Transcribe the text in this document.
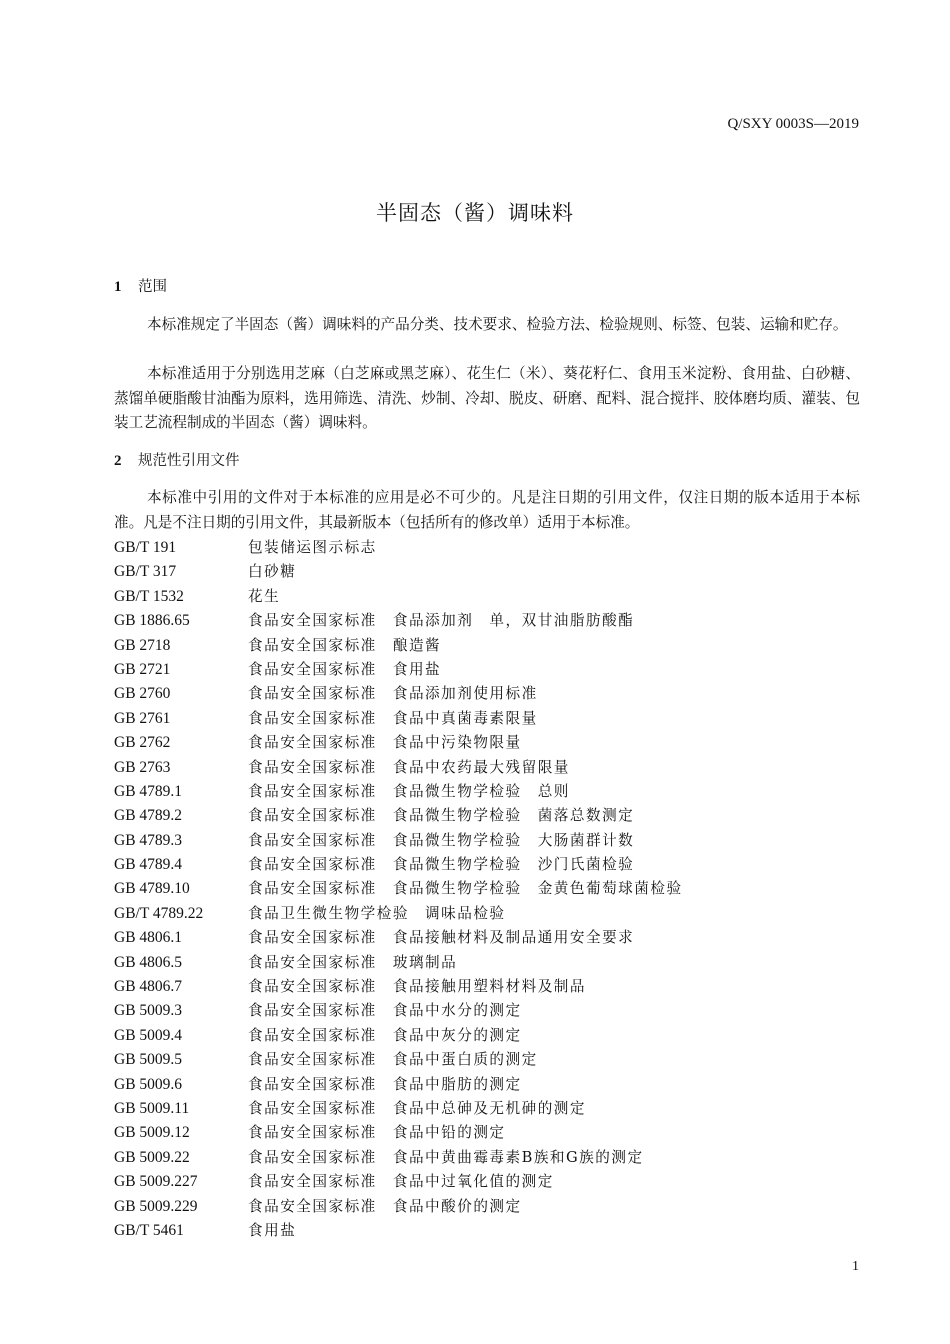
Q/SXY 0003S—2019
半固态（酱）调味料
1 范围

本标准规定了半固态（酱）调味料的产品分类、技术要求、检验方法、检验规则、标签、包装、运输和贮存。

本标准适用于分别选用芝麻（白芝麻或黑芝麻）、花生仁（米）、葵花籽仁、食用玉米淀粉、食用盐、白砂糖、蒸馏单硬脂酸甘油酯为原料，选用筛选、清洗、炒制、冷却、脱皮、研磨、配料、混合搅拌、胶体磨均质、灌装、包装工艺流程制成的半固态（酱）调味料。

2 规范性引用文件

本标准中引用的文件对于本标准的应用是必不可少的。凡是注日期的引用文件，仅注日期的版本适用于本标准。凡是不注日期的引用文件，其最新版本（包括所有的修改单）适用于本标准。

GB/T 191	包装储运图示标志
GB/T 317	白砂糖
GB/T 1532	花生
GB 1886.65	食品安全国家标准　食品添加剂　单，双甘油脂肪酸酯
GB 2718	食品安全国家标准　酿造酱
GB 2721	食品安全国家标准　食用盐
GB 2760	食品安全国家标准　食品添加剂使用标准
GB 2761	食品安全国家标准　食品中真菌毒素限量
GB 2762	食品安全国家标准　食品中污染物限量
GB 2763	食品安全国家标准　食品中农药最大残留限量
GB 4789.1	食品安全国家标准　食品微生物学检验　总则
GB 4789.2	食品安全国家标准　食品微生物学检验　菌落总数测定
GB 4789.3	食品安全国家标准　食品微生物学检验　大肠菌群计数
GB 4789.4	食品安全国家标准　食品微生物学检验　沙门氏菌检验
GB 4789.10	食品安全国家标准　食品微生物学检验　金黄色葡萄球菌检验
GB/T 4789.22	食品卫生微生物学检验　调味品检验
GB 4806.1	食品安全国家标准　食品接触材料及制品通用安全要求
GB 4806.5	食品安全国家标准　玻璃制品
GB 4806.7	食品安全国家标准　食品接触用塑料材料及制品
GB 5009.3	食品安全国家标准　食品中水分的测定
GB 5009.4	食品安全国家标准　食品中灰分的测定
GB 5009.5	食品安全国家标准　食品中蛋白质的测定
GB 5009.6	食品安全国家标准　食品中脂肪的测定
GB 5009.11	食品安全国家标准　食品中总砷及无机砷的测定
GB 5009.12	食品安全国家标准　食品中铅的测定
GB 5009.22	食品安全国家标准　食品中黄曲霉毒素B族和G族的测定
GB 5009.227	食品安全国家标准　食品中过氧化值的测定
GB 5009.229	食品安全国家标准　食品中酸价的测定
GB/T 5461	食用盐
1
